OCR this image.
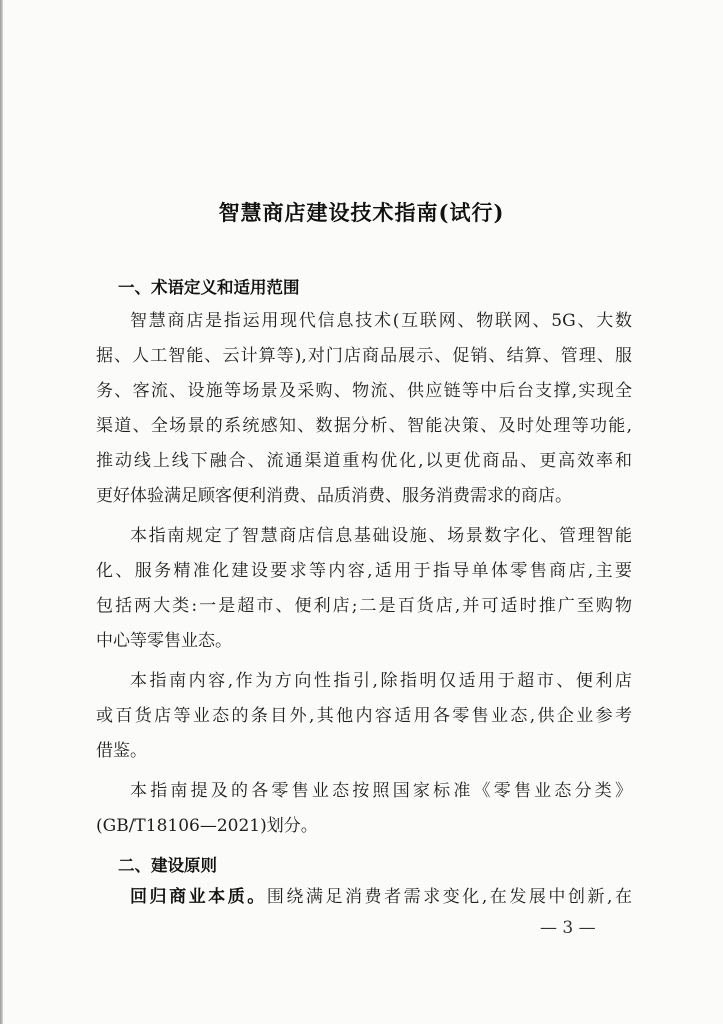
智慧商店建设技术指南(试行)
一、术语定义和适用范围
智慧商店是指运用现代信息技术(互联网、物联网、5G、大数
据、人工智能、云计算等),对门店商品展示、促销、结算、管理、服
务、客流、设施等场景及采购、物流、供应链等中后台支撑,实现全
渠道、全场景的系统感知、数据分析、智能决策、及时处理等功能,
推动线上线下融合、流通渠道重构优化,以更优商品、更高效率和
更好体验满足顾客便利消费、品质消费、服务消费需求的商店。
本指南规定了智慧商店信息基础设施、场景数字化、管理智能
化、服务精准化建设要求等内容,适用于指导单体零售商店,主要
包括两大类:一是超市、便利店;二是百货店,并可适时推广至购物
中心等零售业态。
本指南内容,作为方向性指引,除指明仅适用于超市、便利店
或百货店等业态的条目外,其他内容适用各零售业态,供企业参考
借鉴。
本指南提及的各零售业态按照国家标准《零售业态分类》
(GB/T18106—2021)划分。
二、建设原则
回归商业本质。围绕满足消费者需求变化,在发展中创新,在
— 3 —
